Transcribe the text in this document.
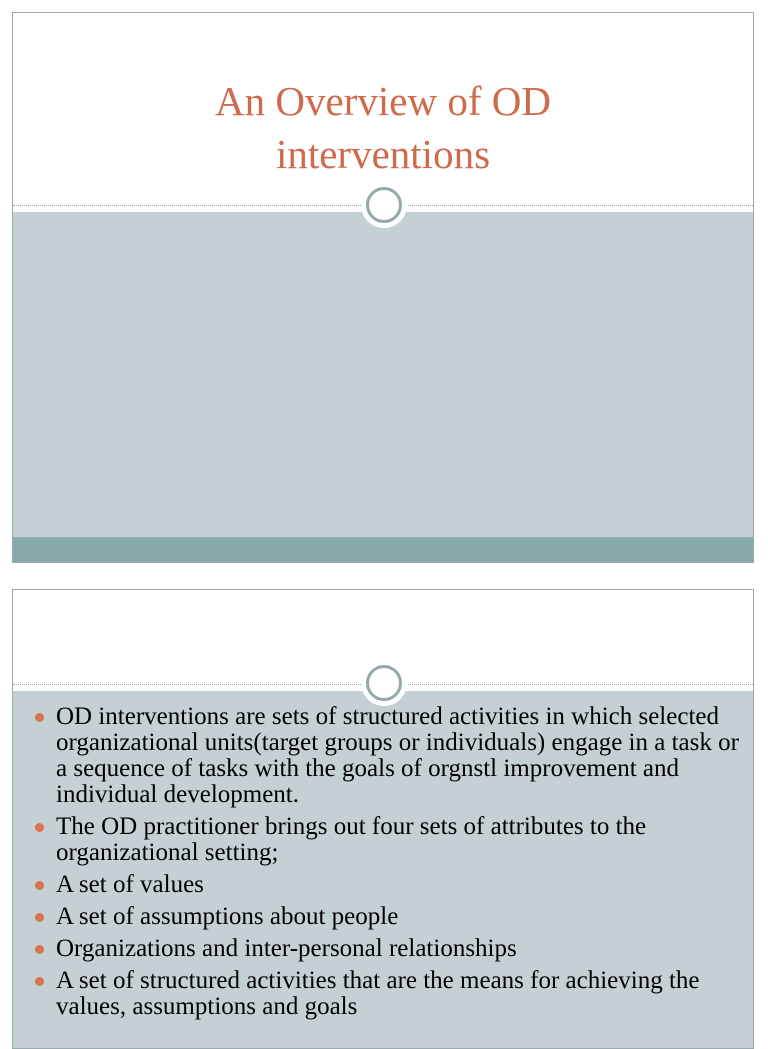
An Overview of OD
interventions
OD interventions are sets of structured activities in which selected organizational units(target groups or individuals) engage in a task or a sequence of tasks with the goals of orgnstl improvement and individual development.
The OD practitioner brings out four sets of attributes to the organizational setting;
A set of values
A set of assumptions about people
Organizations and inter-personal relationships
A set of structured activities that are the means for achieving the values, assumptions and goals
